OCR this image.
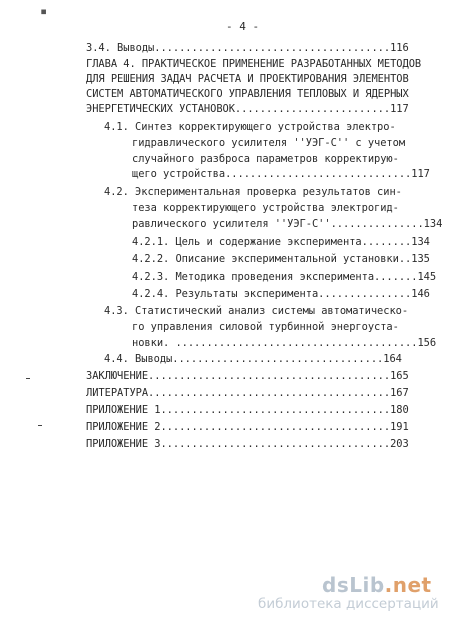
▪
- 4 -
3.4. Выводы......................................116
ГЛАВА 4. ПРАКТИЧЕСКОЕ ПРИМЕНЕНИЕ РАЗРАБОТАННЫХ МЕТОДОВ
ДЛЯ РЕШЕНИЯ ЗАДАЧ РАСЧЕТА И ПРОЕКТИРОВАНИЯ ЭЛЕМЕНТОВ
СИСТЕМ АВТОМАТИЧЕСКОГО УПРАВЛЕНИЯ ТЕПЛОВЫХ И ЯДЕРНЫХ
ЭНЕРГЕТИЧЕСКИХ УСТАНОВОК.........................117
4.1. Синтез корректирующего устройства электро-
гидравлического усилителя ''УЭГ-С'' с учетом
случайного разброса параметров корректирую-
щего устройства..............................117
4.2. Экспериментальная проверка результатов син-
теза корректирующего устройства электрогид-
равлического усилителя ''УЭГ-С''...............134
4.2.1. Цель и содержание эксперимента........134
4.2.2. Описание экспериментальной установки..135
4.2.3. Методика проведения эксперимента.......145
4.2.4. Результаты эксперимента...............146
4.3. Статистический анализ системы автоматическо-
го управления силовой турбинной энергоуста-
новки. .......................................156
4.4. Выводы..................................164
ЗАКЛЮЧЕНИЕ.......................................165
ЛИТЕРАТУРА.......................................167
ПРИЛОЖЕНИЕ 1.....................................180
ПРИЛОЖЕНИЕ 2.....................................191
ПРИЛОЖЕНИЕ 3.....................................203
dsLib.net
библиотека диссертаций
